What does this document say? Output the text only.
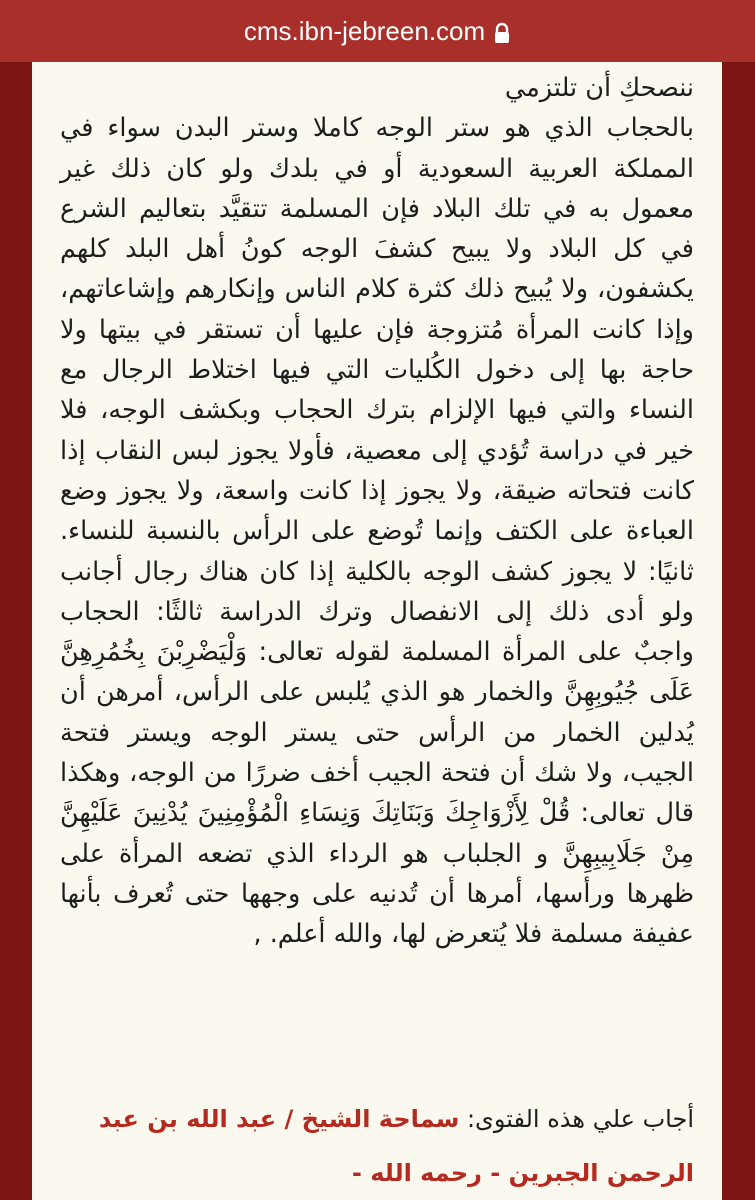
cms.ibn-jebreen.com
ننصحكِ أن تلتزمي

بالحجاب الذي هو ستر الوجه كاملا وستر البدن سواء في المملكة العربية السعودية أو في بلدك ولو كان ذلك غير معمول به في تلك البلاد فإن المسلمة تتقيَّد بتعاليم الشرع في كل البلاد ولا يبيح كشفَ الوجه كونُ أهل البلد كلهم يكشفون، ولا يُبيح ذلك كثرة كلام الناس وإنكارهم وإشاعاتهم، وإذا كانت المرأة مُتزوجة فإن عليها أن تستقر في بيتها ولا حاجة بها إلى دخول الكُليات التي فيها اختلاط الرجال مع النساء والتي فيها الإلزام بترك الحجاب وبكشف الوجه، فلا خير في دراسة تُؤدي إلى معصية، فأولا يجوز لبس النقاب إذا كانت فتحاته ضيقة، ولا يجوز إذا كانت واسعة، ولا يجوز وضع العباءة على الكتف وإنما تُوضع على الرأس بالنسبة للنساء. ثانيًا: لا يجوز كشف الوجه بالكلية إذا كان هناك رجال أجانب ولو أدى ذلك إلى الانفصال وترك الدراسة ثالثًا: الحجاب واجبٌ على المرأة المسلمة لقوله تعالى: وَلْيَضْرِبْنَ بِخُمُرِهِنَّ عَلَى جُيُوبِهِنَّ والخمار هو الذي يُلبس على الرأس، أمرهن أن يُدلين الخمار من الرأس حتى يستر الوجه ويستر فتحة الجيب، ولا شك أن فتحة الجيب أخف ضررًا من الوجه، وهكذا قال تعالى: قُلْ لِأَزْوَاجِكَ وَبَنَاتِكَ وَنِسَاءِ الْمُؤْمِنِينَ يُدْنِينَ عَلَيْهِنَّ مِنْ جَلَابِيبِهِنَّ و الجلباب هو الرداء الذي تضعه المرأة على ظهرها ورأسها، أمرها أن تُدنيه على وجهها حتى تُعرف بأنها عفيفة مسلمة فلا يُتعرض لها، والله أعلم. ,

أجاب علي هذه الفتوى: سماحة الشيخ / عبد الله بن عبد الرحمن الجبرين - رحمه الله -
